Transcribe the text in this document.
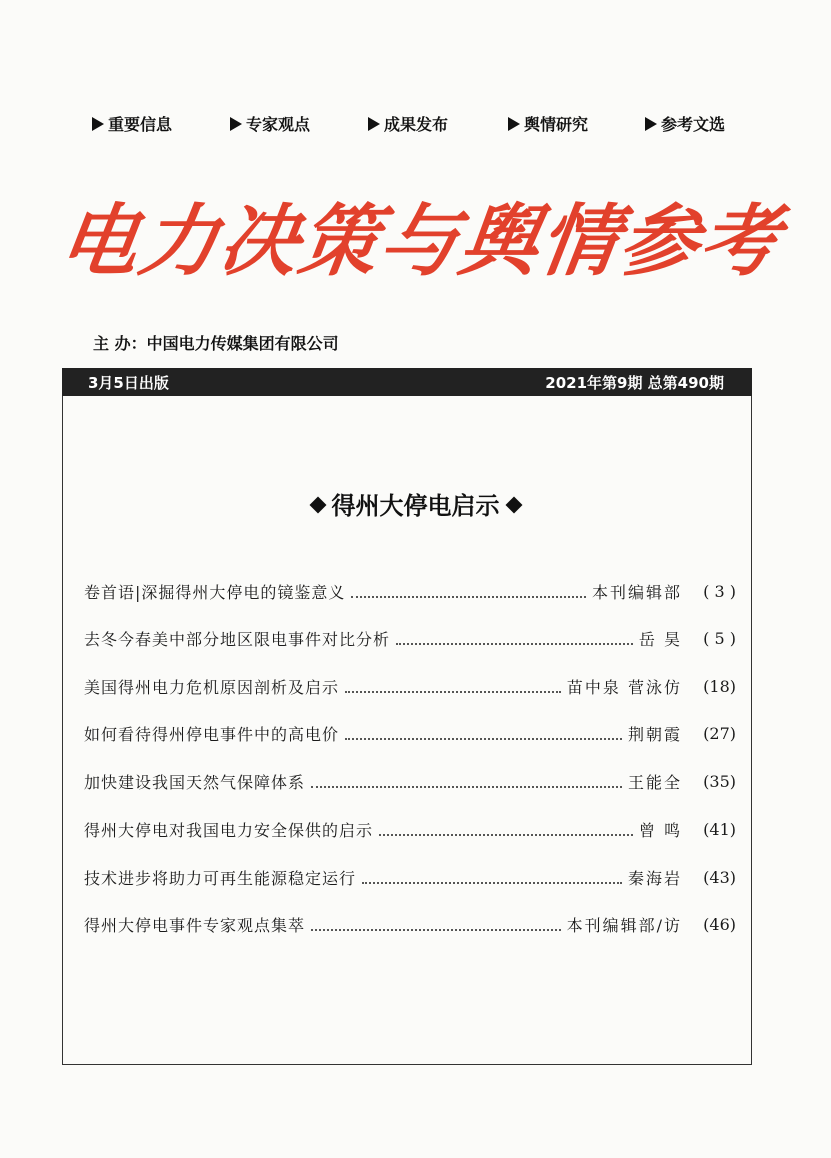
重要信息	专家观点	成果发布	舆情研究	参考文选
电力决策与舆情参考
主 办：中国电力传媒集团有限公司
3月5日出版	2021年第9期 总第490期
得州大停电启示
卷首语|深掘得州大停电的镜鉴意义	本刊编辑部	( 3 )
去冬今春美中部分地区限电事件对比分析	岳 昊	( 5 )
美国得州电力危机原因剖析及启示	苗中泉 菅泳仿	(18)
如何看待得州停电事件中的高电价	荆朝霞	(27)
加快建设我国天然气保障体系	王能全	(35)
得州大停电对我国电力安全保供的启示	曾 鸣	(41)
技术进步将助力可再生能源稳定运行	秦海岩	(43)
得州大停电事件专家观点集萃	本刊编辑部/访	(46)
